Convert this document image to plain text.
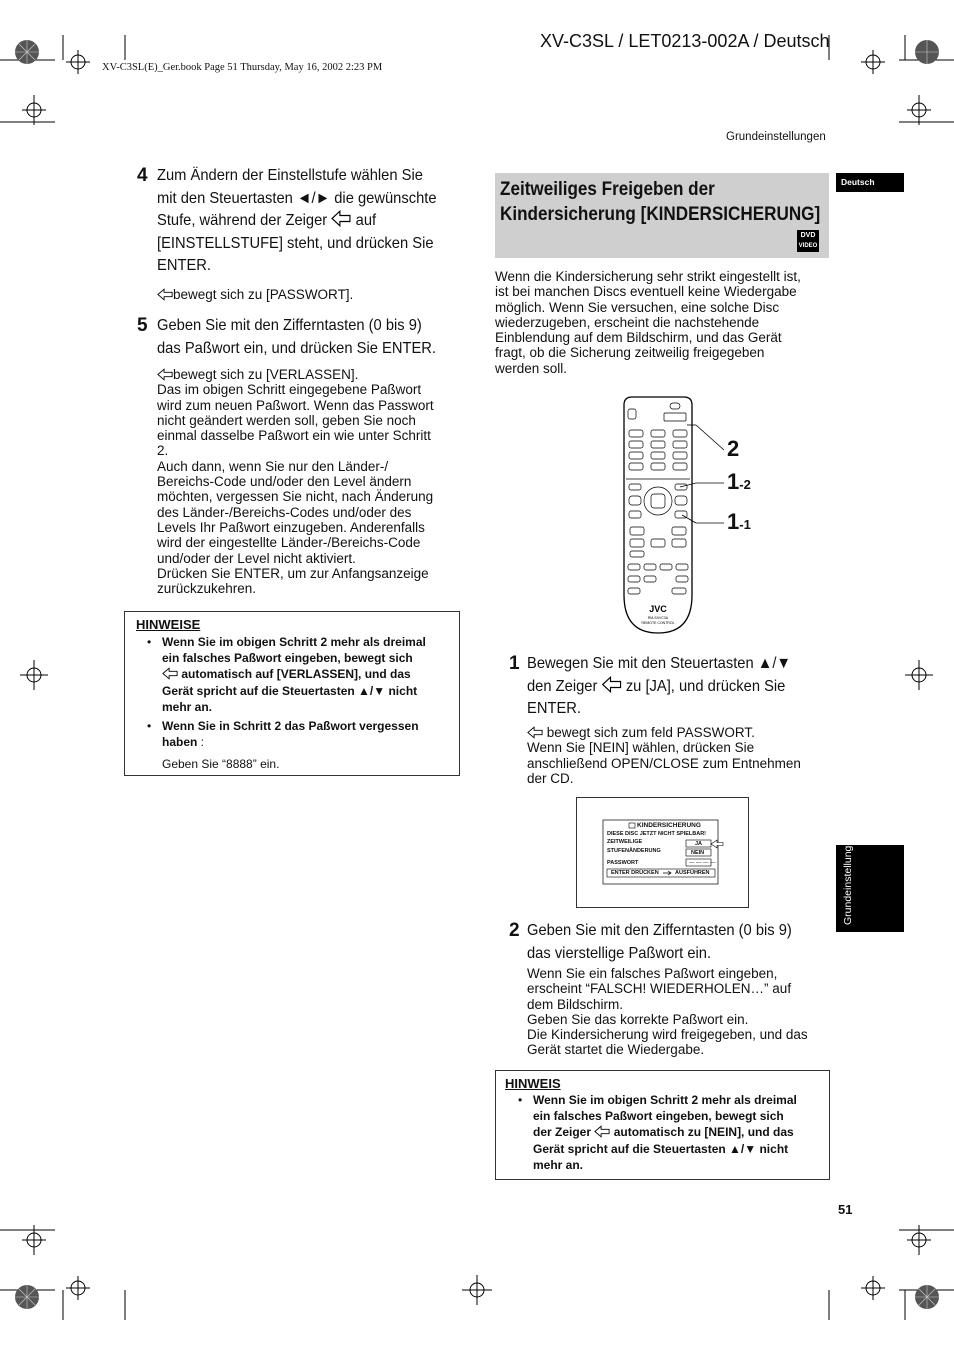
XV-C3SL / LET0213-002A / Deutsch
XV-C3SL(E)_Ger.book Page 51 Thursday, May 16, 2002 2:23 PM
Grundeinstellungen
Deutsch
Grundeinstellungen
51
4 Zum Ändern der Einstellstufe wählen Sie
mit den Steuertasten ◄/► die gewünschte
Stufe, während der Zeiger auf
[EINSTELLSTUFE] steht, und drücken Sie
ENTER.
bewegt sich zu [PASSWORT].
5 Geben Sie mit den Zifferntasten (0 bis 9)
das Paßwort ein, und drücken Sie ENTER.
bewegt sich zu [VERLASSEN].
Das im obigen Schritt eingegebene Paßwort
wird zum neuen Paßwort. Wenn das Passwort
nicht geändert werden soll, geben Sie noch
einmal dasselbe Paßwort ein wie unter Schritt
2.
Auch dann, wenn Sie nur den Länder-/
Bereichs-Code und/oder den Level ändern
möchten, vergessen Sie nicht, nach Änderung
des Länder-/Bereichs-Codes und/oder des
Levels Ihr Paßwort einzugeben. Anderenfalls
wird der eingestellte Länder-/Bereichs-Code
und/oder der Level nicht aktiviert.
Drücken Sie ENTER, um zur Anfangsanzeige
zurückzukehren.
HINWEISE
• Wenn Sie im obigen Schritt 2 mehr als dreimal
ein falsches Paßwort eingeben, bewegt sich
automatisch auf [VERLASSEN], und das
Gerät spricht auf die Steuertasten ▲/▼ nicht
mehr an.
• Wenn Sie in Schritt 2 das Paßwort vergessen
haben :
Geben Sie “8888” ein.
Zeitweiliges Freigeben der
Kindersicherung [KINDERSICHERUNG]
DVD
VIDEO
Wenn die Kindersicherung sehr strikt eingestellt ist,
ist bei manchen Discs eventuell keine Wiedergabe
möglich. Wenn Sie versuchen, eine solche Disc
wiederzugeben, erscheint die nachstehende
Einblendung auf dem Bildschirm, und das Gerät
fragt, ob die Sicherung zeitweilig freigegeben
werden soll.
JVC
RM-SXVC3A
REMOTE CONTROL
2
1-2
1-1
1 Bewegen Sie mit den Steuertasten ▲/▼
den Zeiger zu [JA], und drücken Sie
ENTER.
bewegt sich zum feld PASSWORT.
Wenn Sie [NEIN] wählen, drücken Sie
anschließend OPEN/CLOSE zum Entnehmen
der CD.
KINDERSICHERUNG
DIESE DISC JETZT NICHT SPIELBAR!
ZEITWEILIGE
STUFENÄNDERUNG
JA
NEIN
PASSWORT	— — — —
ENTER DRÜCKEN	AUSFÜHREN
2 Geben Sie mit den Zifferntasten (0 bis 9)
das vierstellige Paßwort ein.
Wenn Sie ein falsches Paßwort eingeben,
erscheint “FALSCH! WIEDERHOLEN…” auf
dem Bildschirm.
Geben Sie das korrekte Paßwort ein.
Die Kindersicherung wird freigegeben, und das
Gerät startet die Wiedergabe.
HINWEIS
• Wenn Sie im obigen Schritt 2 mehr als dreimal
ein falsches Paßwort eingeben, bewegt sich
der Zeiger automatisch zu [NEIN], und das
Gerät spricht auf die Steuertasten ▲/▼ nicht
mehr an.
